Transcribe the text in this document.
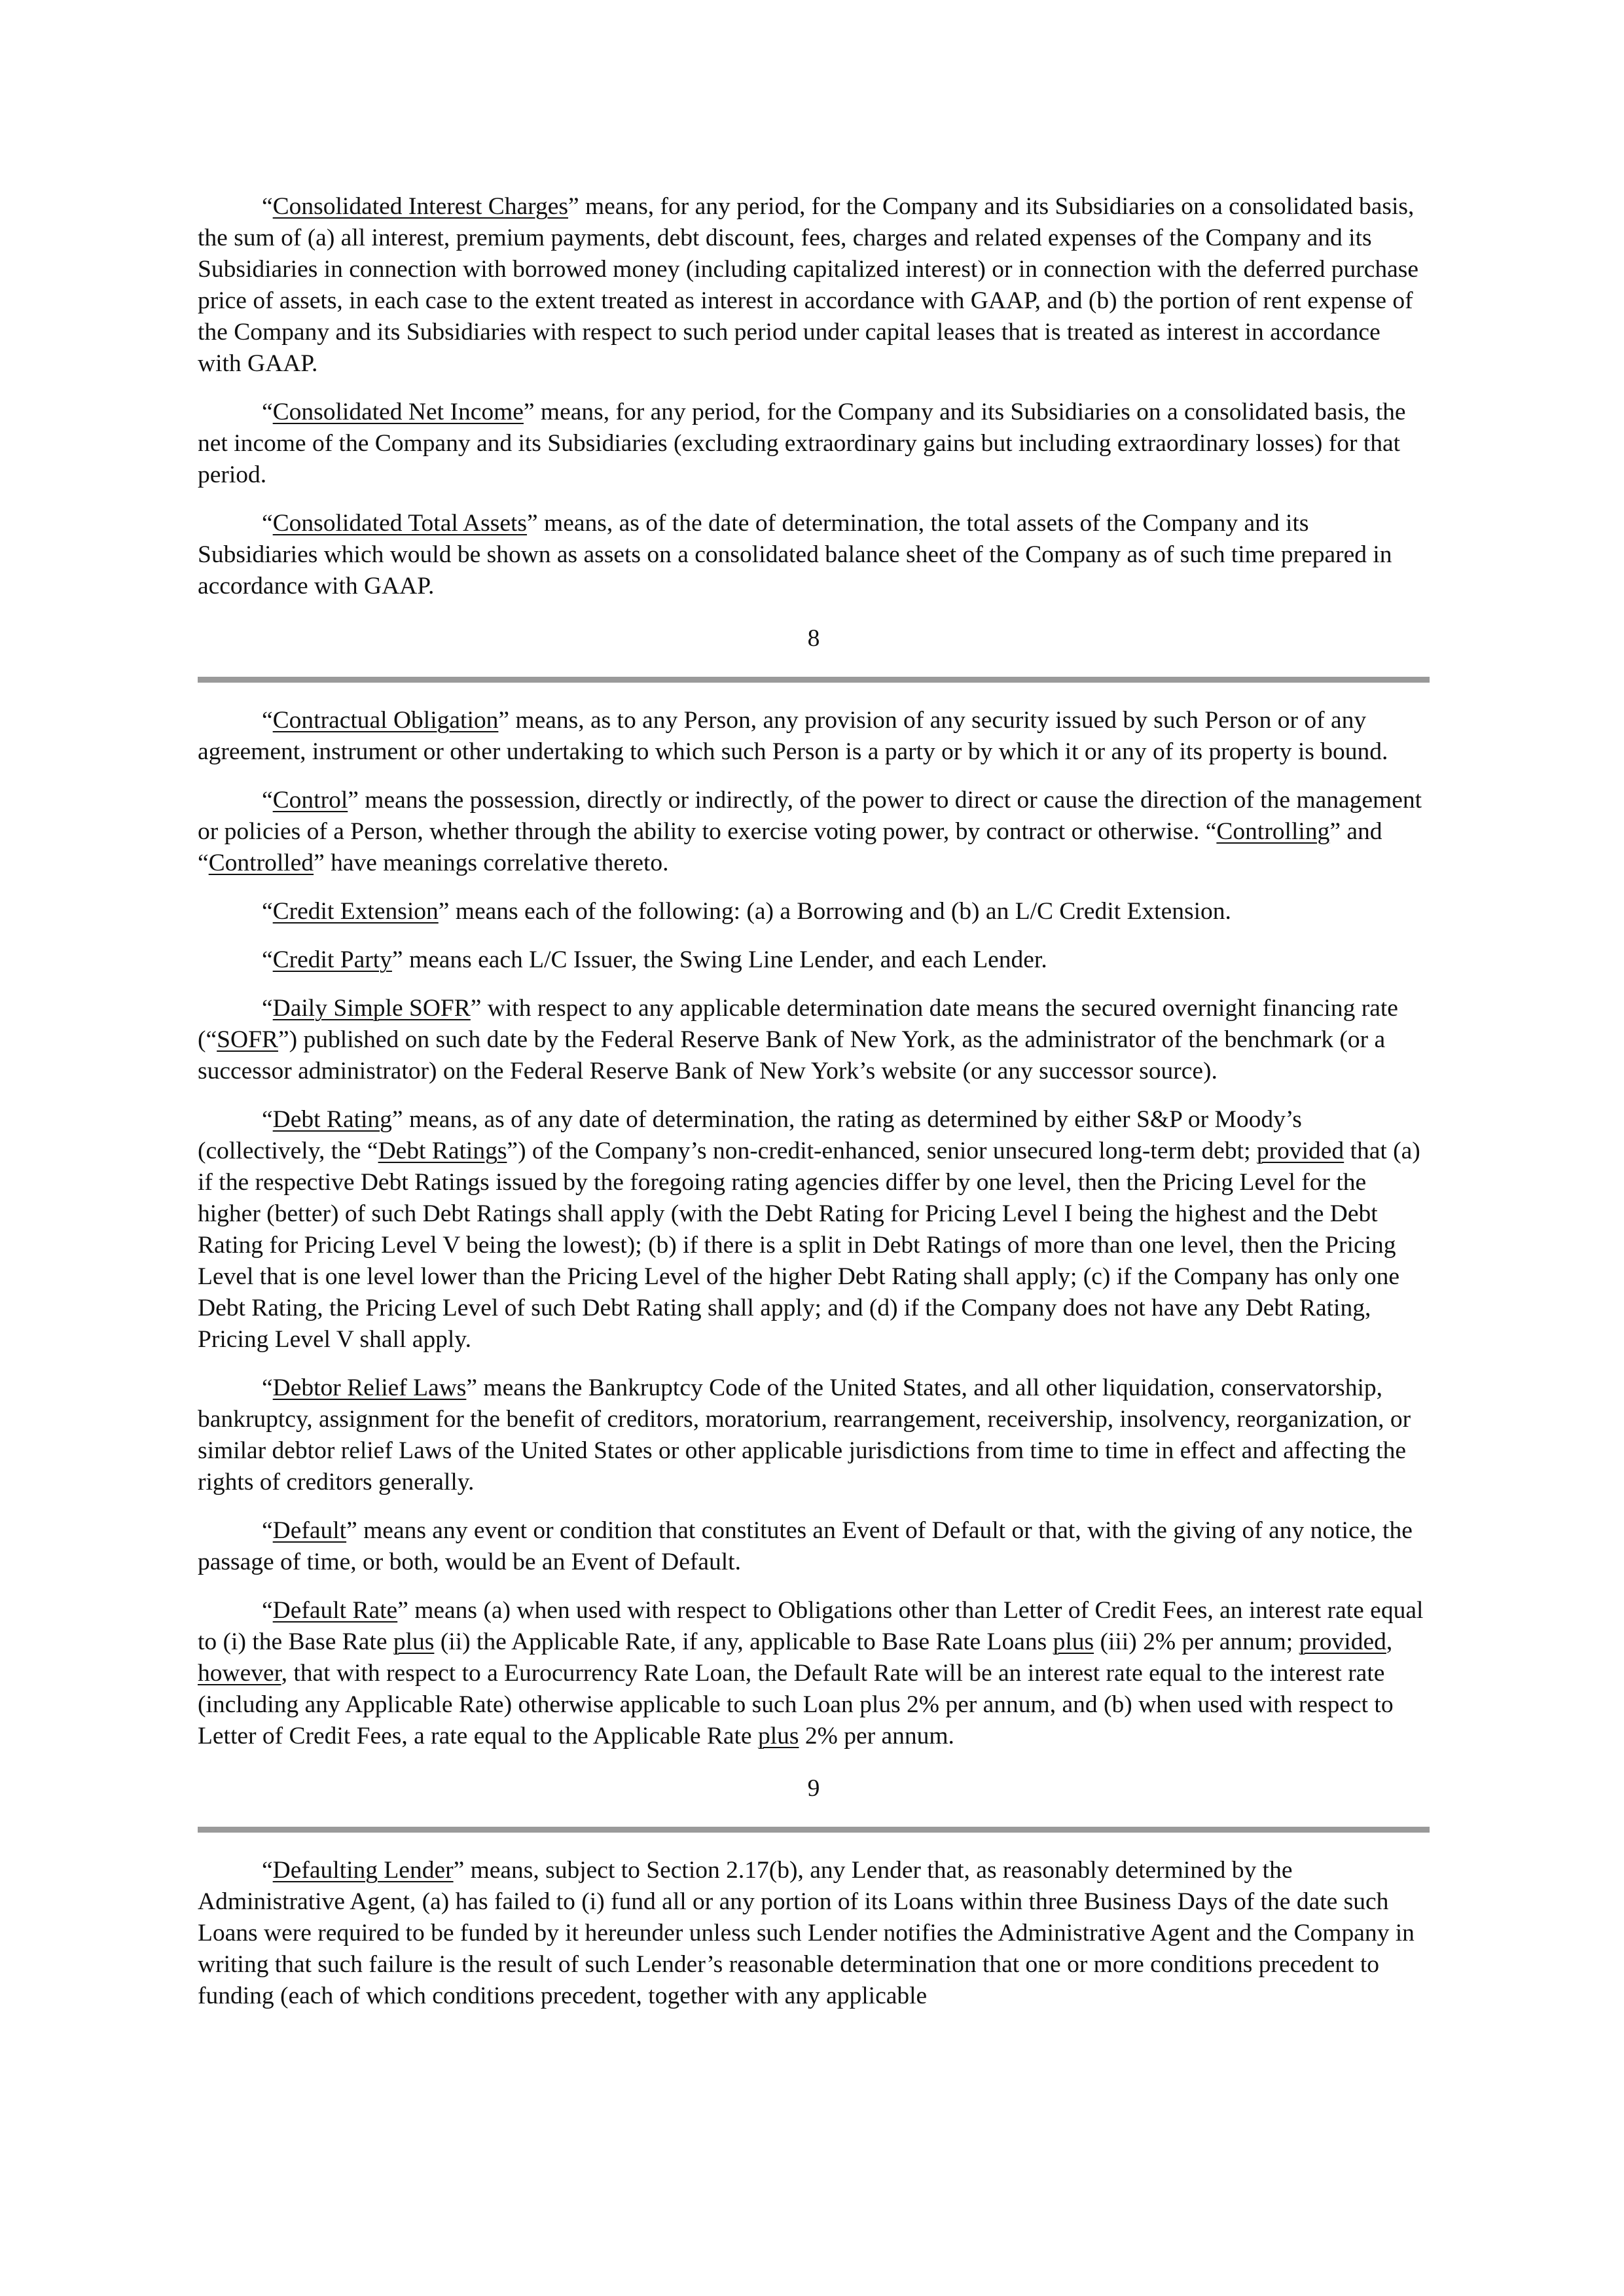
“Consolidated Interest Charges” means, for any period, for the Company and its Subsidiaries on a consolidated basis, the sum of (a) all interest, premium payments, debt discount, fees, charges and related expenses of the Company and its Subsidiaries in connection with borrowed money (including capitalized interest) or in connection with the deferred purchase price of assets, in each case to the extent treated as interest in accordance with GAAP, and (b) the portion of rent expense of the Company and its Subsidiaries with respect to such period under capital leases that is treated as interest in accordance with GAAP.

“Consolidated Net Income” means, for any period, for the Company and its Subsidiaries on a consolidated basis, the net income of the Company and its Subsidiaries (excluding extraordinary gains but including extraordinary losses) for that period.

“Consolidated Total Assets” means, as of the date of determination, the total assets of the Company and its Subsidiaries which would be shown as assets on a consolidated balance sheet of the Company as of such time prepared in accordance with GAAP.

8

“Contractual Obligation” means, as to any Person, any provision of any security issued by such Person or of any agreement, instrument or other undertaking to which such Person is a party or by which it or any of its property is bound.

“Control” means the possession, directly or indirectly, of the power to direct or cause the direction of the management or policies of a Person, whether through the ability to exercise voting power, by contract or otherwise. “Controlling” and “Controlled” have meanings correlative thereto.

“Credit Extension” means each of the following: (a) a Borrowing and (b) an L/C Credit Extension.

“Credit Party” means each L/C Issuer, the Swing Line Lender, and each Lender.

“Daily Simple SOFR” with respect to any applicable determination date means the secured overnight financing rate (“SOFR”) published on such date by the Federal Reserve Bank of New York, as the administrator of the benchmark (or a successor administrator) on the Federal Reserve Bank of New York’s website (or any successor source).

“Debt Rating” means, as of any date of determination, the rating as determined by either S&P or Moody’s (collectively, the “Debt Ratings”) of the Company’s non-credit-enhanced, senior unsecured long-term debt; provided that (a) if the respective Debt Ratings issued by the foregoing rating agencies differ by one level, then the Pricing Level for the higher (better) of such Debt Ratings shall apply (with the Debt Rating for Pricing Level I being the highest and the Debt Rating for Pricing Level V being the lowest); (b) if there is a split in Debt Ratings of more than one level, then the Pricing Level that is one level lower than the Pricing Level of the higher Debt Rating shall apply; (c) if the Company has only one Debt Rating, the Pricing Level of such Debt Rating shall apply; and (d) if the Company does not have any Debt Rating, Pricing Level V shall apply.

“Debtor Relief Laws” means the Bankruptcy Code of the United States, and all other liquidation, conservatorship, bankruptcy, assignment for the benefit of creditors, moratorium, rearrangement, receivership, insolvency, reorganization, or similar debtor relief Laws of the United States or other applicable jurisdictions from time to time in effect and affecting the rights of creditors generally.

“Default” means any event or condition that constitutes an Event of Default or that, with the giving of any notice, the passage of time, or both, would be an Event of Default.

“Default Rate” means (a) when used with respect to Obligations other than Letter of Credit Fees, an interest rate equal to (i) the Base Rate plus (ii) the Applicable Rate, if any, applicable to Base Rate Loans plus (iii) 2% per annum; provided, however, that with respect to a Eurocurrency Rate Loan, the Default Rate will be an interest rate equal to the interest rate (including any Applicable Rate) otherwise applicable to such Loan plus 2% per annum, and (b) when used with respect to Letter of Credit Fees, a rate equal to the Applicable Rate plus 2% per annum.

9

“Defaulting Lender” means, subject to Section 2.17(b), any Lender that, as reasonably determined by the Administrative Agent, (a) has failed to (i) fund all or any portion of its Loans within three Business Days of the date such Loans were required to be funded by it hereunder unless such Lender notifies the Administrative Agent and the Company in writing that such failure is the result of such Lender’s reasonable determination that one or more conditions precedent to funding (each of which conditions precedent, together with any applicable
